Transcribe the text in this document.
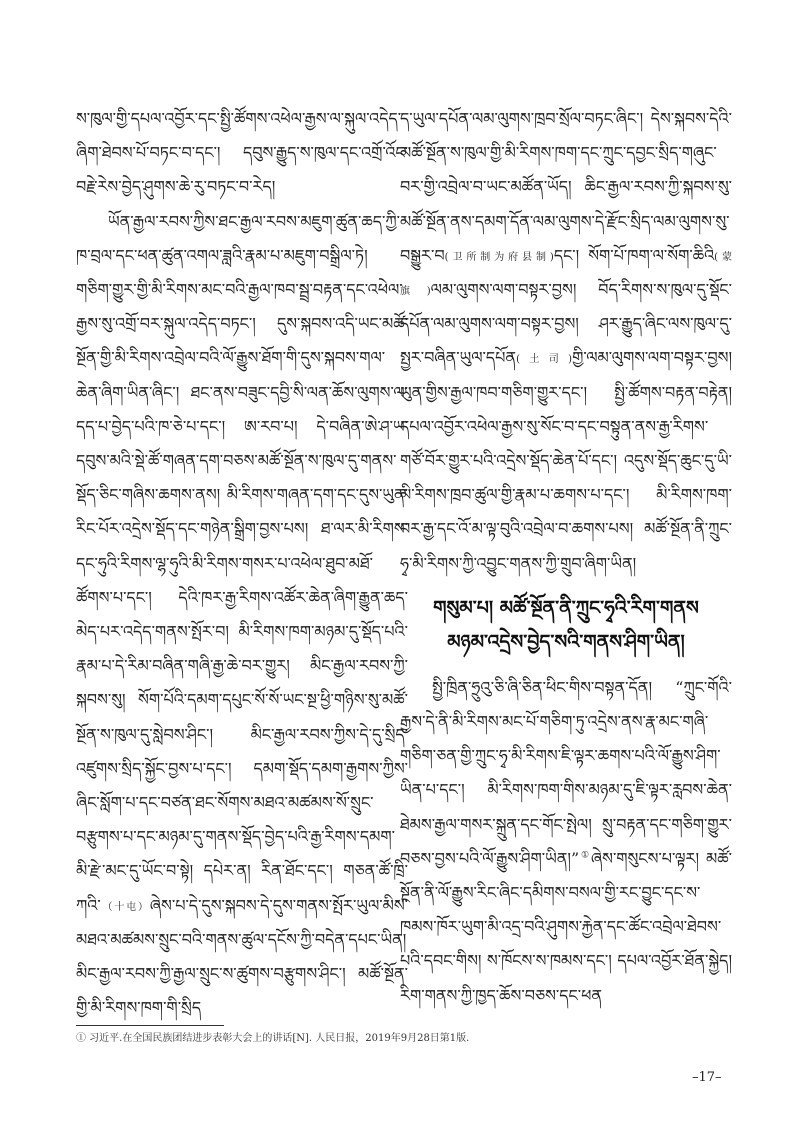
ས་ཁུལ་གྱི་དཔལ་འབྱོར་དང་སྤྱི་ཚོགས་འཕེལ་རྒྱས་ལ་སྐུལ་འདེད་ཞིག་ཐེབས་པོ་བཏང་བ་དང་། དབུས་རྒྱུད་ས་ཁུལ་དང་འགྲོ་འོང་བརྗེ་རེས་བྱེད་ཤུགས་ཆེ་རུ་བཏང་བ་རེད།

ཡོན་རྒྱལ་རབས་ཀྱིས་ཐང་རྒྱལ་རབས་མཇུག་ཚུན་ཆད་ཀྱི་ཁ་བྲལ་དང་ཕན་ཚུན་འགལ་ཟླའི་རྣམ་པ་མཇུག་བསྒྲིལ་ཏེ། གཅིག་གྱུར་གྱི་མི་རིགས་མང་བའི་རྒྱལ་ཁབ་སྦྲ་བརྟན་དང་འཕེལ་རྒྱས་སུ་འགྲོ་བར་སྐུལ་འདེད་བཏང་། དུས་སྐབས་འདི་ཡང་མཚོ་སྔོན་གྱི་མི་རིགས་འབྲེལ་བའི་ལོ་རྒྱུས་ཐོག་གི་དུས་སྐབས་གལ་ཆེན་ཞིག་ཡིན་ཞིང་། ཐང་ནས་བཟུང་དབྱི་སི་ལན་ཆོས་ལུགས་ལ་དད་པ་བྱེད་པའི་ཁ་ཅེ་པ་དང་། ཨ་རབ་པ། དེ་བཞིན་ཨེ་ཤ་ཡ་དབུས་མའི་སྡེ་ཚོ་གཞན་དག་བཅས་མཚོ་སྔོན་ས་ཁུལ་དུ་གནས་སྡོད་ཅིང་གཞིས་ཆགས་ནས། མི་རིགས་གཞན་དག་དང་དུས་ཡུན་རིང་པོར་འདྲེས་སྡོད་དང་གཉེན་སྒྲིག་བྱས་པས། ཐ་ལར་མི་རིགས་དང་ཧུའི་རིགས་ལྷ་ཧུའི་མི་རིགས་གསར་པ་འཕེལ་ཐུབ་མཐོ་ཚོགས་པ་དང་། དེའི་ཁར་རྒྱ་རིགས་འཚོར་ཆེན་ཞིག་རྒྱུན་ཆད་མེད་པར་འདེད་གནས་སྤོར་བ། མི་རིགས་ཁག་མཉམ་དུ་སྡོད་པའི་རྣམ་པ་དེ་རིམ་བཞིན་གཞི་རྒྱ་ཆེ་བར་གྱུར། མིང་རྒྱལ་རབས་ཀྱི་སྐབས་སུ། སོག་པོའི་དམག་དཔུང་སོ་སོ་ཡང་སྔ་ཕྱི་གཉིས་སུ་མཚོ་སྔོན་ས་ཁུལ་དུ་སླེབས་ཤིང་། མིང་རྒྱལ་རབས་ཀྱིས་དེ་དུ་སྲིད་འཛུགས་སྲིད་སྐྱོང་བྱས་པ་དང་། དམག་སྡོད་དམག་རྒྱགས་ཀྱིས་ཞིང་སློག་པ་དང་བཙན་ཐང་སོགས་མཐའ་མཚམས་སོ་སྲུང་བརྩུགས་པ་དང་མཉམ་དུ་གནས་སྡོད་བྱེད་པའི་རྒྱ་རིགས་དམག་མི་རྫེ་མང་དུ་ཡོང་བ་སྟེ། དཔེར་ན། རིན་ཐོང་དང་། གཅན་ཚོ་ཁྲི་ཀའི་（十屯）ཞེས་པ་དེ་དུས་སྐབས་དེ་དུས་གནས་སྤོར་ཡུལ་མིས་མཐའ་མཚམས་སྲུང་བའི་གནས་ཚུལ་དངོས་ཀྱི་བདེན་དཔང་ཡིན། མིང་རྒྱལ་རབས་ཀྱི་རྒྱལ་སྲུང་ས་ཚུགས་བརྩུགས་ཤིང་། མཚོ་སྔོན་གྱི་མི་རིགས་ཁག་གི་སྲིད

ད་ཡུལ་དཔོན་ལམ་ལུགས་ཁྲབ་སྲོལ་བཏང་ཞིང་། དེས་སྐབས་དེའི་མཚོ་སྔོན་ས་ཁུལ་གྱི་མི་རིགས་ཁག་དང་ཀྲུང་དབྱང་སྲིད་གཞུང་བར་གྱི་འབྲེལ་བ་ཡང་མཚོན་ཡོད། ཆིང་རྒྱལ་རབས་ཀྱི་སྐབས་སུ་མཚོ་སྔོན་ནས་དམག་དོན་ལམ་ལུགས་དེ་རྫོང་སྲིད་ལམ་ལུགས་སུ་བསྒྱུར་བ(卫所制为府县制)དང་། སོག་པོ་ཁག་ལ་སོག་ཆིའི(蒙旗)ལམ་ལུགས་ལག་བསྟར་བྱས། བོད་རིགས་ས་ཁུལ་དུ་སྡོང་དཔོན་ལམ་ལུགས་ལག་བསྟར་བྱས། ཤར་རྒྱུད་ཞིང་ལས་ཁུལ་དུ་སྤྱར་བཞིན་ཡུལ་དཔོན(土司)གྱི་ལམ་ལུགས་ལག་བསྟར་བྱས། ཡུན་གྱིས་རྒྱལ་ཁབ་གཅིག་གྱུར་དང་། སྤྱི་ཚོགས་བརྟན་བརྟེན། དཔལ་འབྱོར་འཕེལ་རྒྱས་སུ་སོང་བ་དང་བསྟུན་ནས་རྒྱ་རིགས་གཙོ་བོར་གྱུར་པའི་འདྲེས་སྡོད་ཆེན་པོ་དང་། འདུས་སྡོད་ཆུང་དུ་ཡི་མི་རིགས་ཁྲབ་ཚུལ་གྱི་རྣམ་པ་ཆགས་པ་དང་། མི་རིགས་ཁག་བར་རྒྱ་དང་འོ་མ་ལྟ་བུའི་འབྲེལ་བ་ཆགས་པས། མཚོ་སྔོན་ནི་ཀྲུང་ཧྭ་མི་རིགས་ཀྱི་འབྱུང་གནས་ཀྱི་གྲུབ་ཞིག་ཡིན།

གསུམ་པ། མཚོ་སྔོན་ནི་ཀྲུང་ཧྭའི་རིག་གནས
མཉམ་འདྲེས་བྱེད་སའི་གནས་ཤིག་ཡིན།

སྤྱི་ཁྲིན་ཧྲུའུ་ཅི་ཞི་ཅིན་ཕིང་གིས་བསྟན་དོན། “ཀྲུང་གོའི་རྒྱས་དེ་ནི་མི་རིགས་མང་པོ་གཅིག་ཏུ་འདྲེས་ནས་རྣ་མང་གཞི་གཅིག་ཅན་གྱི་ཀྲུང་ཧྭ་མི་རིགས་ཇི་ལྟར་ཆགས་པའི་ལོ་རྒྱུས་ཤིག་ཡིན་པ་དང་། མི་རིགས་ཁག་གིས་མཉམ་དུ་ཇི་ལྟར་རླབས་ཆེན་ཐེམས་རྒྱལ་གསར་སྐྲུན་དང་གོང་སྤེལ། སྲུ་བརྟན་དང་གཅིག་གྱུར་བཅས་བྱས་པའི་ལོ་རྒྱུས་ཤིག་ཡིན།”①ཞེས་གསུངས་པ་ལྟར། མཚོ་སྔོན་ནི་ལོ་རྒྱུས་རིང་ཞིང་དམིགས་བསལ་གྱི་རང་བྱུང་དང་ས་ཁམས་ཁོར་ཡུག་མི་འདྲ་བའི་ཤུགས་རྐྱེན་དང་ཚོང་འབྲེལ་ཐེབས་པའི་དབང་གིས། ས་ཁོངས་ས་ཁམས་དང་། དཔལ་འབྱོར་ཐོན་སྐྱེད། རིག་གནས་ཀྱི་ཁྱད་ཆོས་བཅས་དང་ཕན

① 习近平.在全国民族团结进步表彰大会上的讲话[N]. 人民日报，2019年9月28日第1版.
–17–
